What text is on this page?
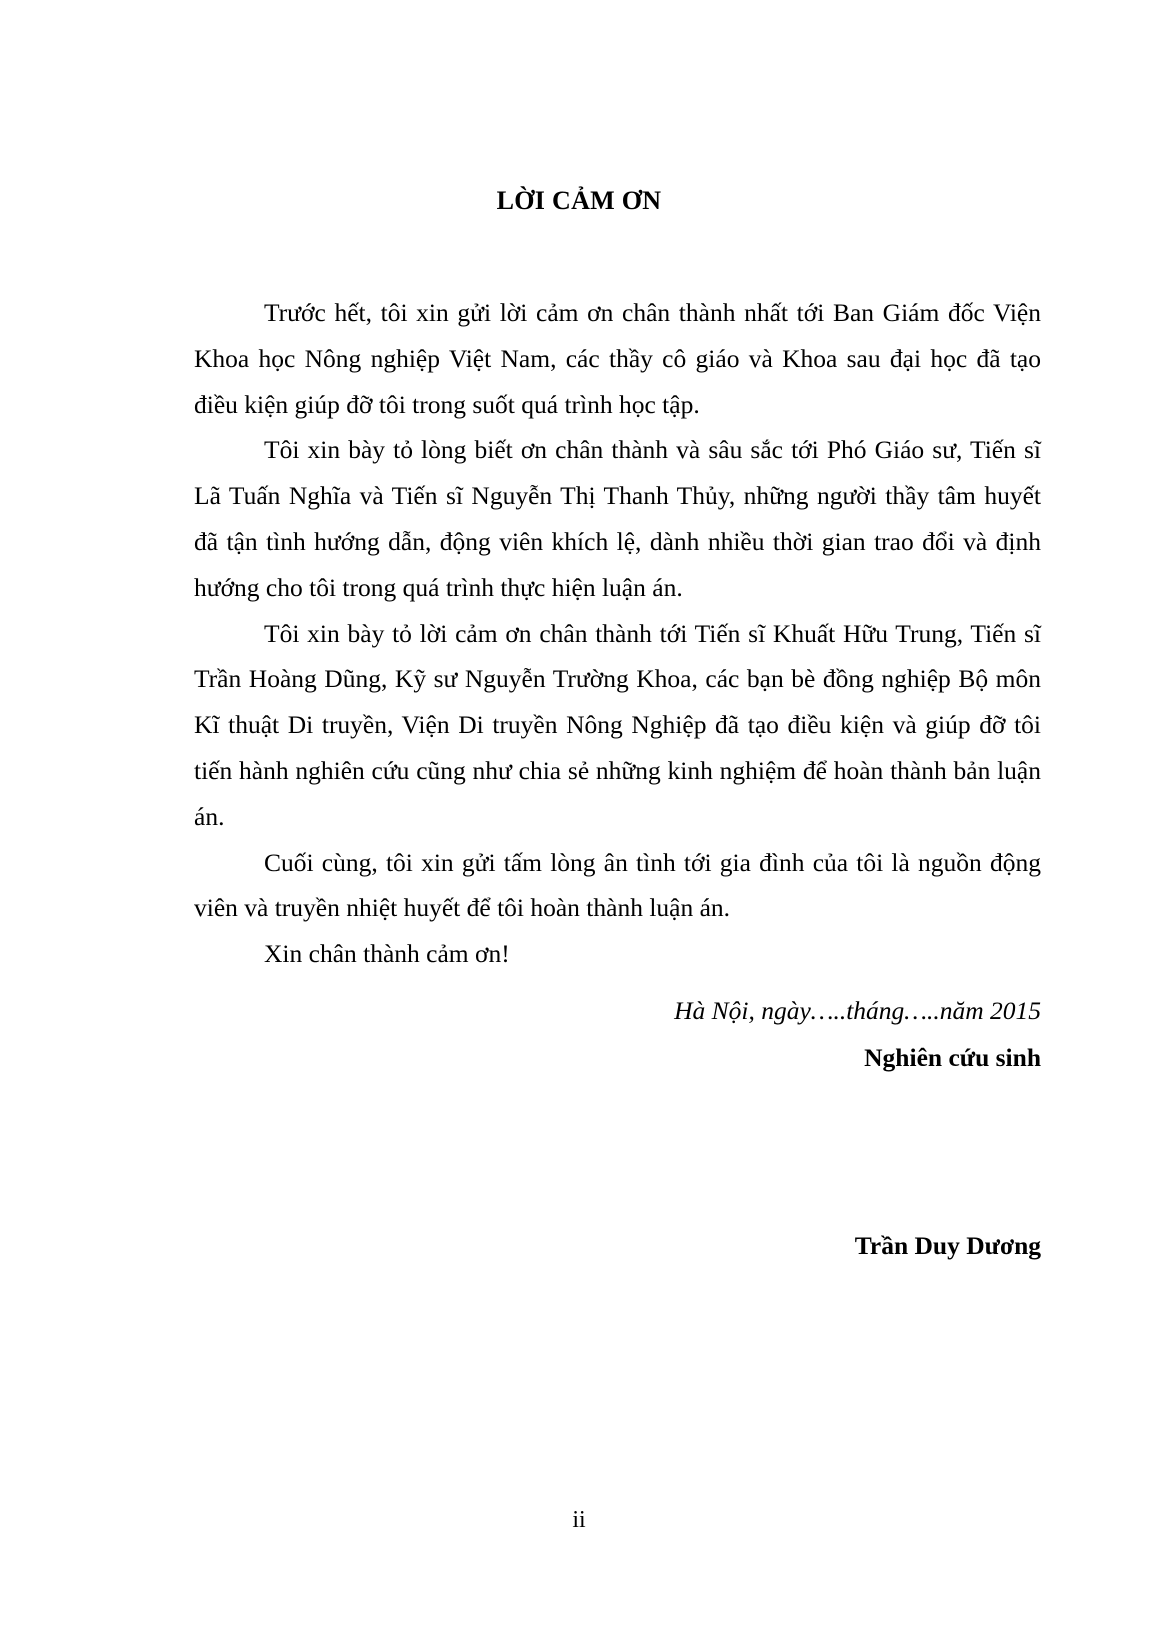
LỜI CẢM ƠN

Trước hết, tôi xin gửi lời cảm ơn chân thành nhất tới Ban Giám đốc Viện Khoa học Nông nghiệp Việt Nam, các thầy cô giáo và Khoa sau đại học đã tạo điều kiện giúp đỡ tôi trong suốt quá trình học tập.

Tôi xin bày tỏ lòng biết ơn chân thành và sâu sắc tới Phó Giáo sư, Tiến sĩ Lã Tuấn Nghĩa và Tiến sĩ Nguyễn Thị Thanh Thủy, những người thầy tâm huyết đã tận tình hướng dẫn, động viên khích lệ, dành nhiều thời gian trao đổi và định hướng cho tôi trong quá trình thực hiện luận án.

Tôi xin bày tỏ lời cảm ơn chân thành tới Tiến sĩ Khuất Hữu Trung, Tiến sĩ Trần Hoàng Dũng, Kỹ sư Nguyễn Trường Khoa, các bạn bè đồng nghiệp Bộ môn Kĩ thuật Di truyền, Viện Di truyền Nông Nghiệp đã tạo điều kiện và giúp đỡ tôi tiến hành nghiên cứu cũng như chia sẻ những kinh nghiệm để hoàn thành bản luận án.

Cuối cùng, tôi xin gửi tấm lòng ân tình tới gia đình của tôi là nguồn động viên và truyền nhiệt huyết để tôi hoàn thành luận án.

Xin chân thành cảm ơn!

Hà Nội, ngày…..tháng…..năm 2015
Nghiên cứu sinh
Trần Duy Dương
ii
